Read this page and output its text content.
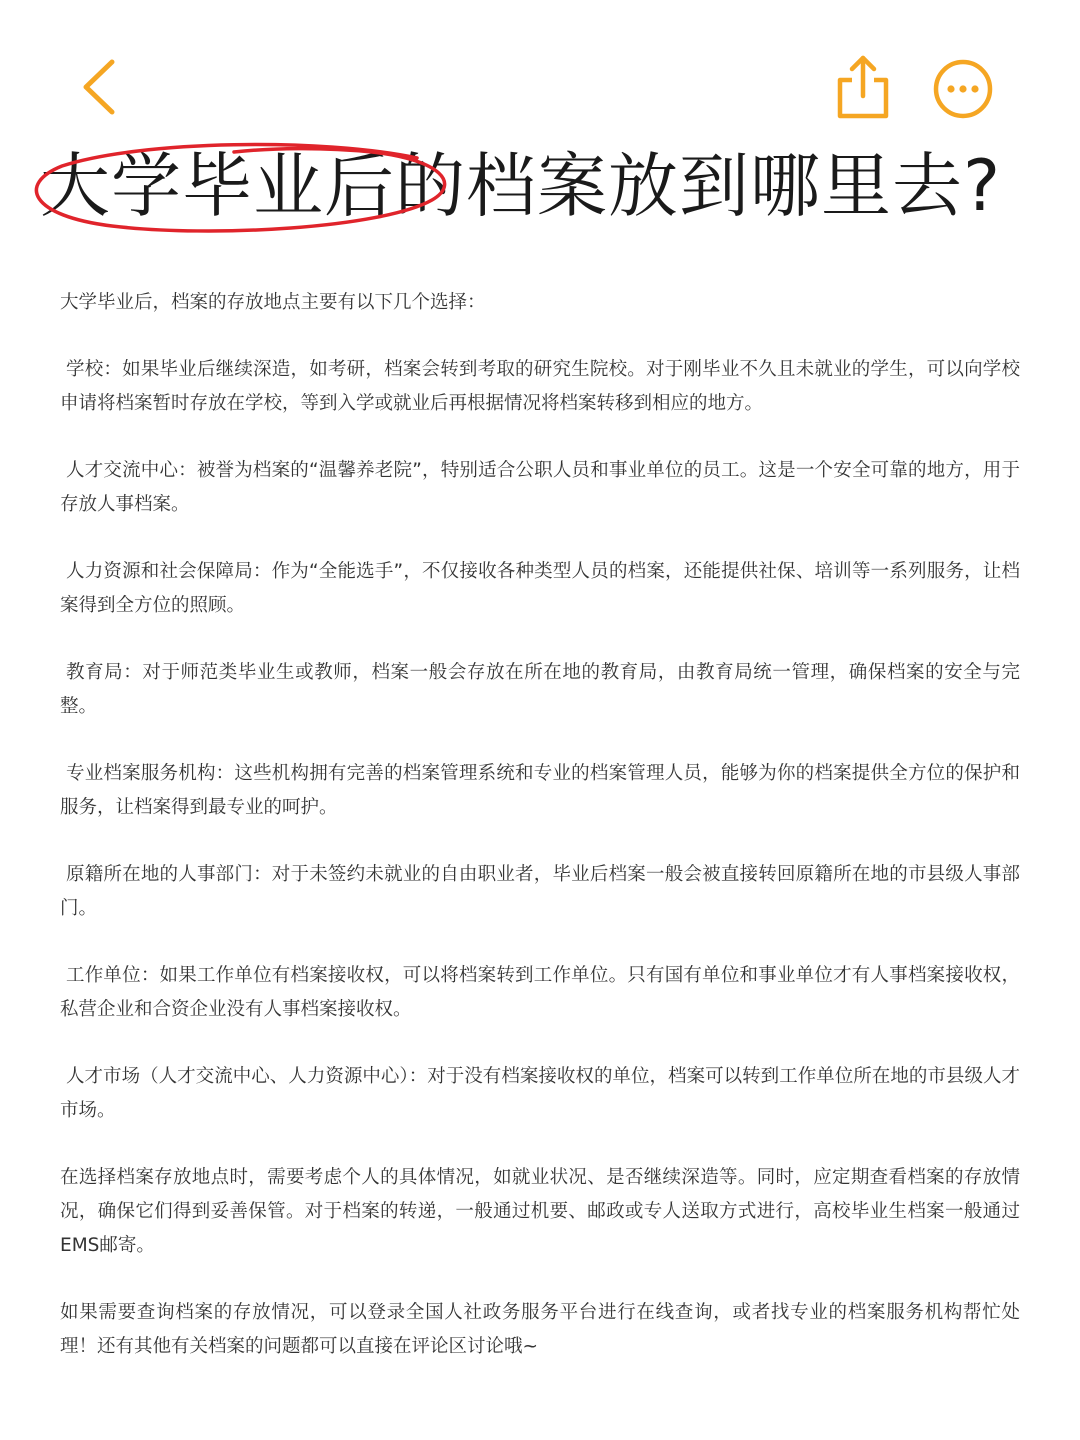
大学毕业后的档案放到哪里去?

大学毕业后，档案的存放地点主要有以下几个选择：

学校：如果毕业后继续深造，如考研，档案会转到考取的研究生院校。对于刚毕业不久且未就业的学生，可以向学校申请将档案暂时存放在学校，等到入学或就业后再根据情况将档案转移到相应的地方。

人才交流中心：被誉为档案的“温馨养老院”，特别适合公职人员和事业单位的员工。这是一个安全可靠的地方，用于存放人事档案。

人力资源和社会保障局：作为“全能选手”，不仅接收各种类型人员的档案，还能提供社保、培训等一系列服务，让档案得到全方位的照顾。

教育局：对于师范类毕业生或教师，档案一般会存放在所在地的教育局，由教育局统一管理，确保档案的安全与完整。

专业档案服务机构：这些机构拥有完善的档案管理系统和专业的档案管理人员，能够为你的档案提供全方位的保护和服务，让档案得到最专业的呵护。

原籍所在地的人事部门：对于未签约未就业的自由职业者，毕业后档案一般会被直接转回原籍所在地的市县级人事部门。

工作单位：如果工作单位有档案接收权，可以将档案转到工作单位。只有国有单位和事业单位才有人事档案接收权，私营企业和合资企业没有人事档案接收权。

人才市场（人才交流中心、人力资源中心）：对于没有档案接收权的单位，档案可以转到工作单位所在地的市县级人才市场。

在选择档案存放地点时，需要考虑个人的具体情况，如就业状况、是否继续深造等。同时，应定期查看档案的存放情况，确保它们得到妥善保管。对于档案的转递，一般通过机要、邮政或专人送取方式进行，高校毕业生档案一般通过EMS邮寄。

如果需要查询档案的存放情况，可以登录全国人社政务服务平台进行在线查询，或者找专业的档案服务机构帮忙处理！还有其他有关档案的问题都可以直接在评论区讨论哦~
